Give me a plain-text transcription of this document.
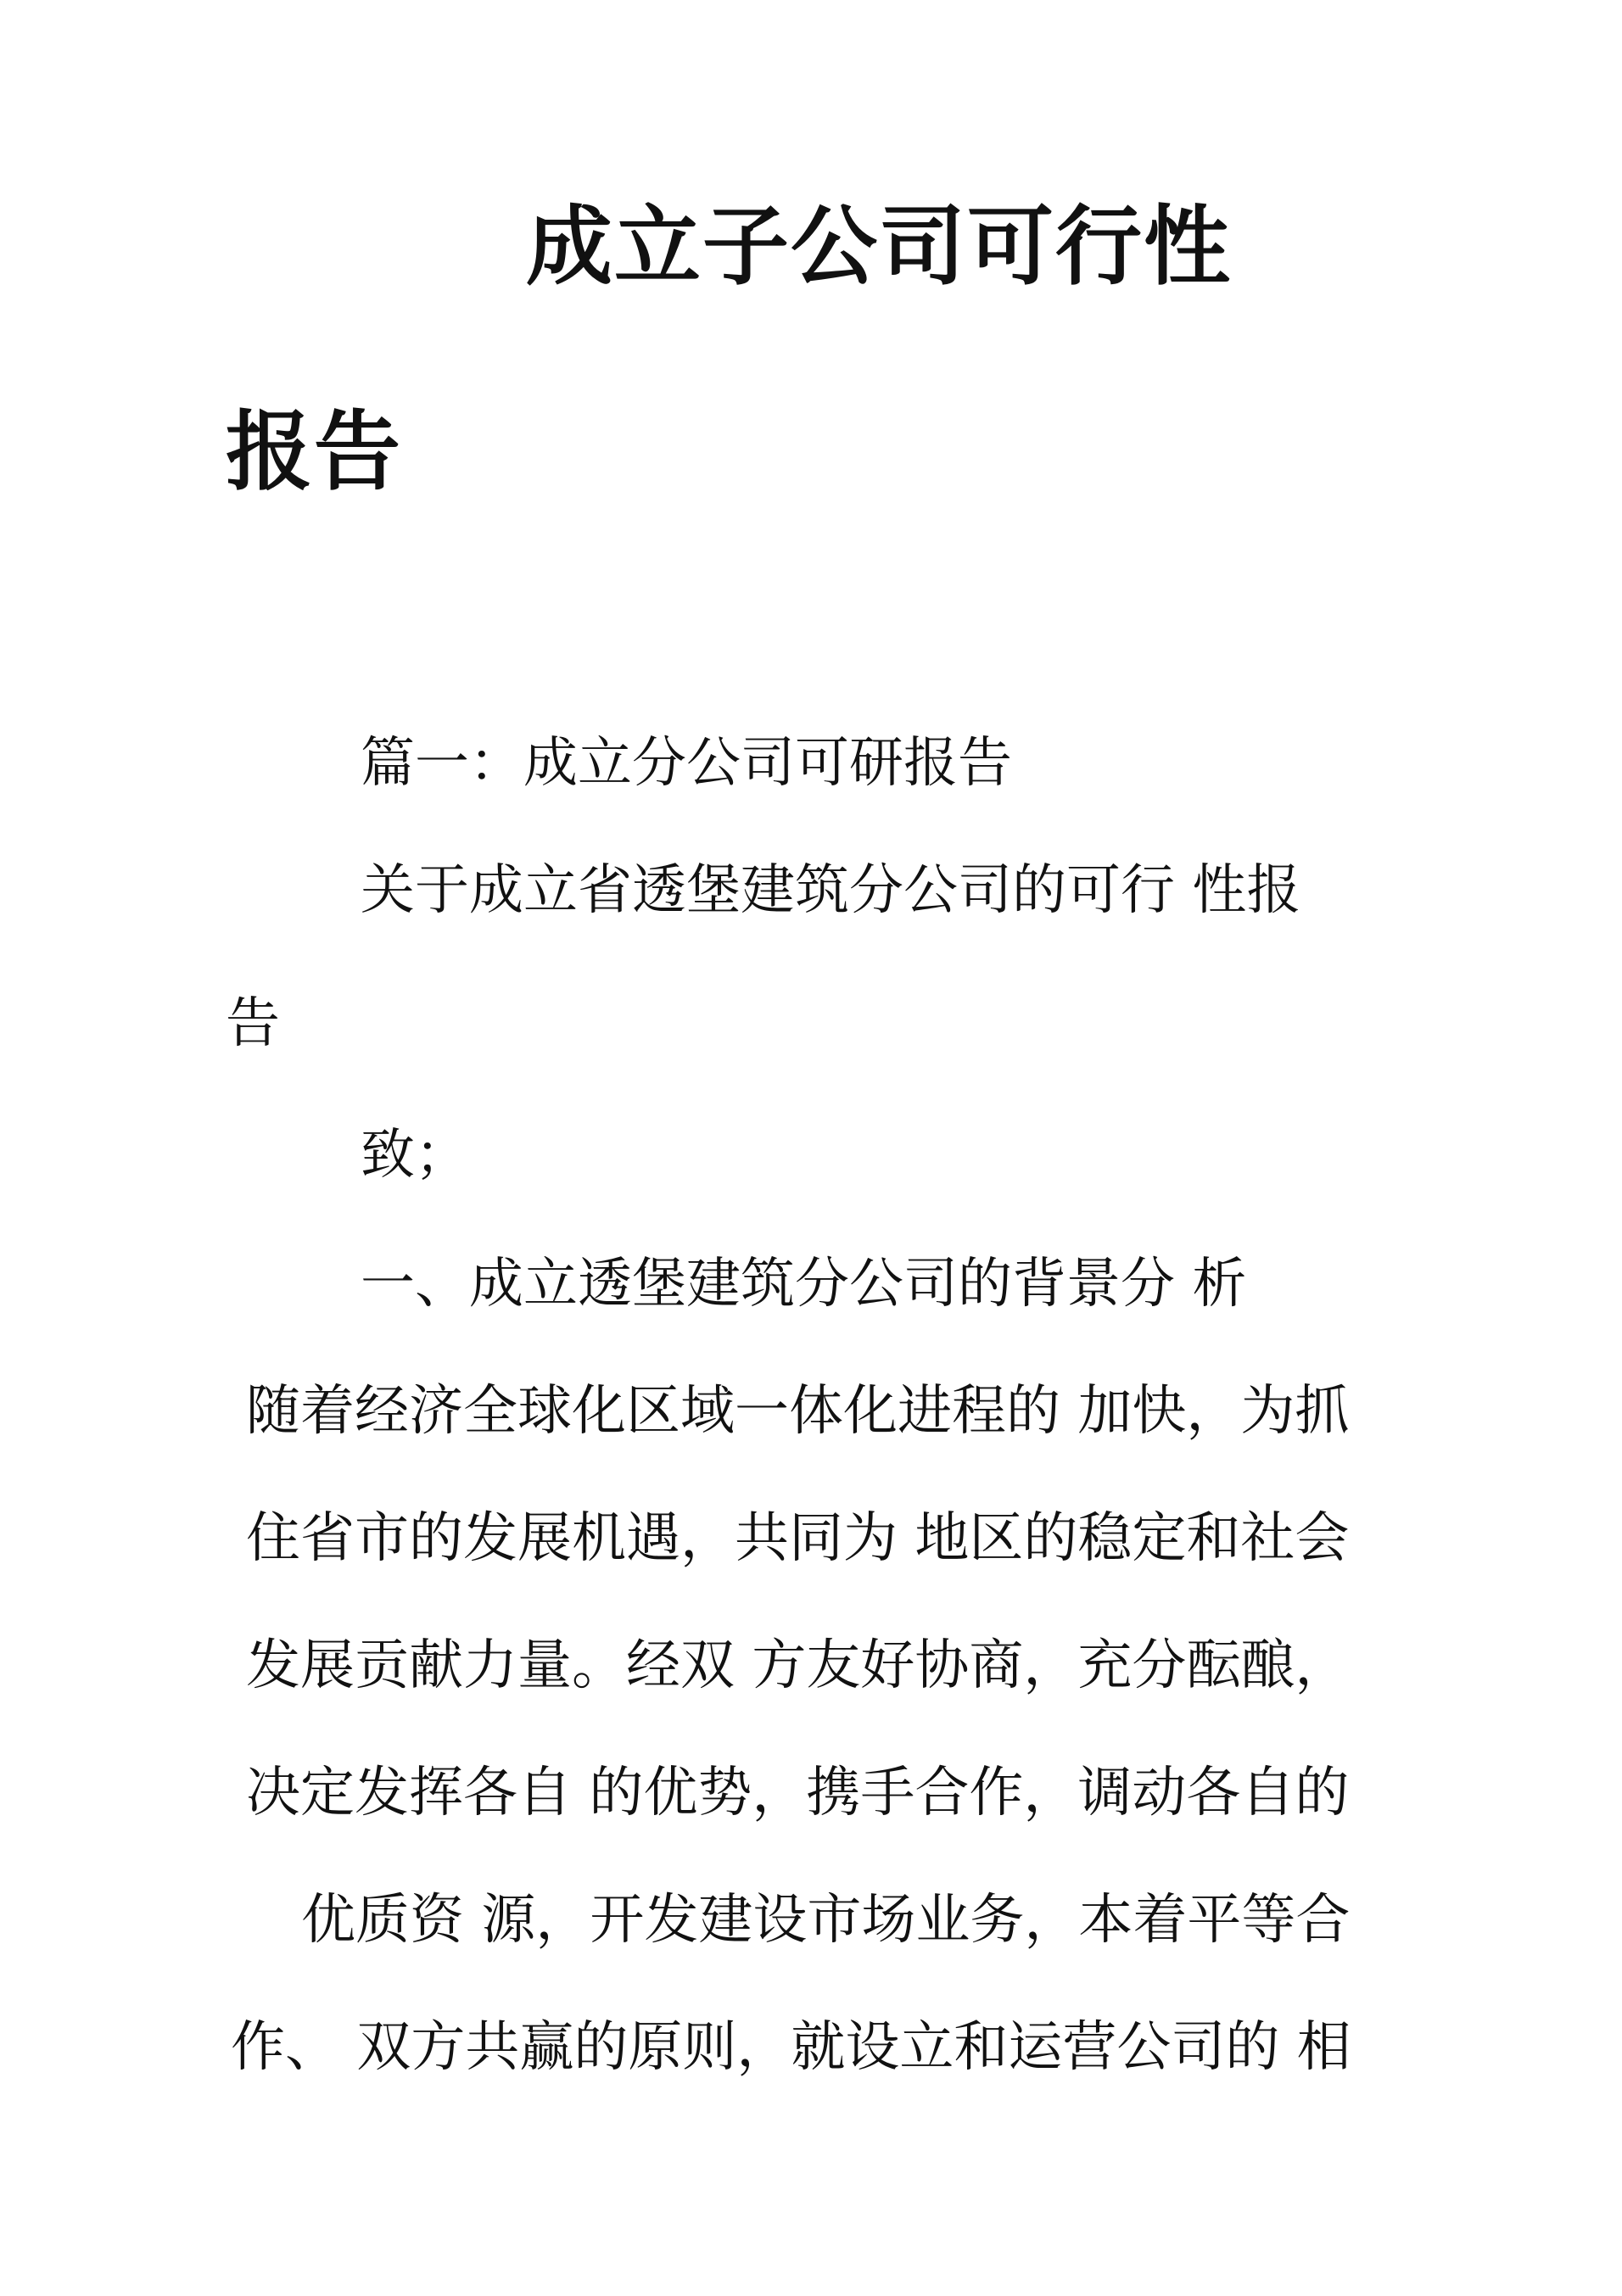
成立子公司可行性
报告

篇一：成立分公司可研报告

关于成立省透堡建筑分公司的可行 性报

告

致；

一、成立透堡建筑分公司的背景分 析

随着经济全球化区域一体化进程的 加快，为抓

住省市的发展机遇，共同为 地区的稳定和社会

发展贡献力量。经双 方友好协商，充分酝酿，

决定发挥各自 的优势，携手合作，调动各自的

优质资 源，开发建设市场业务，本着平等合

作、 双方共赢的原则，就设立和运营公司的 相
